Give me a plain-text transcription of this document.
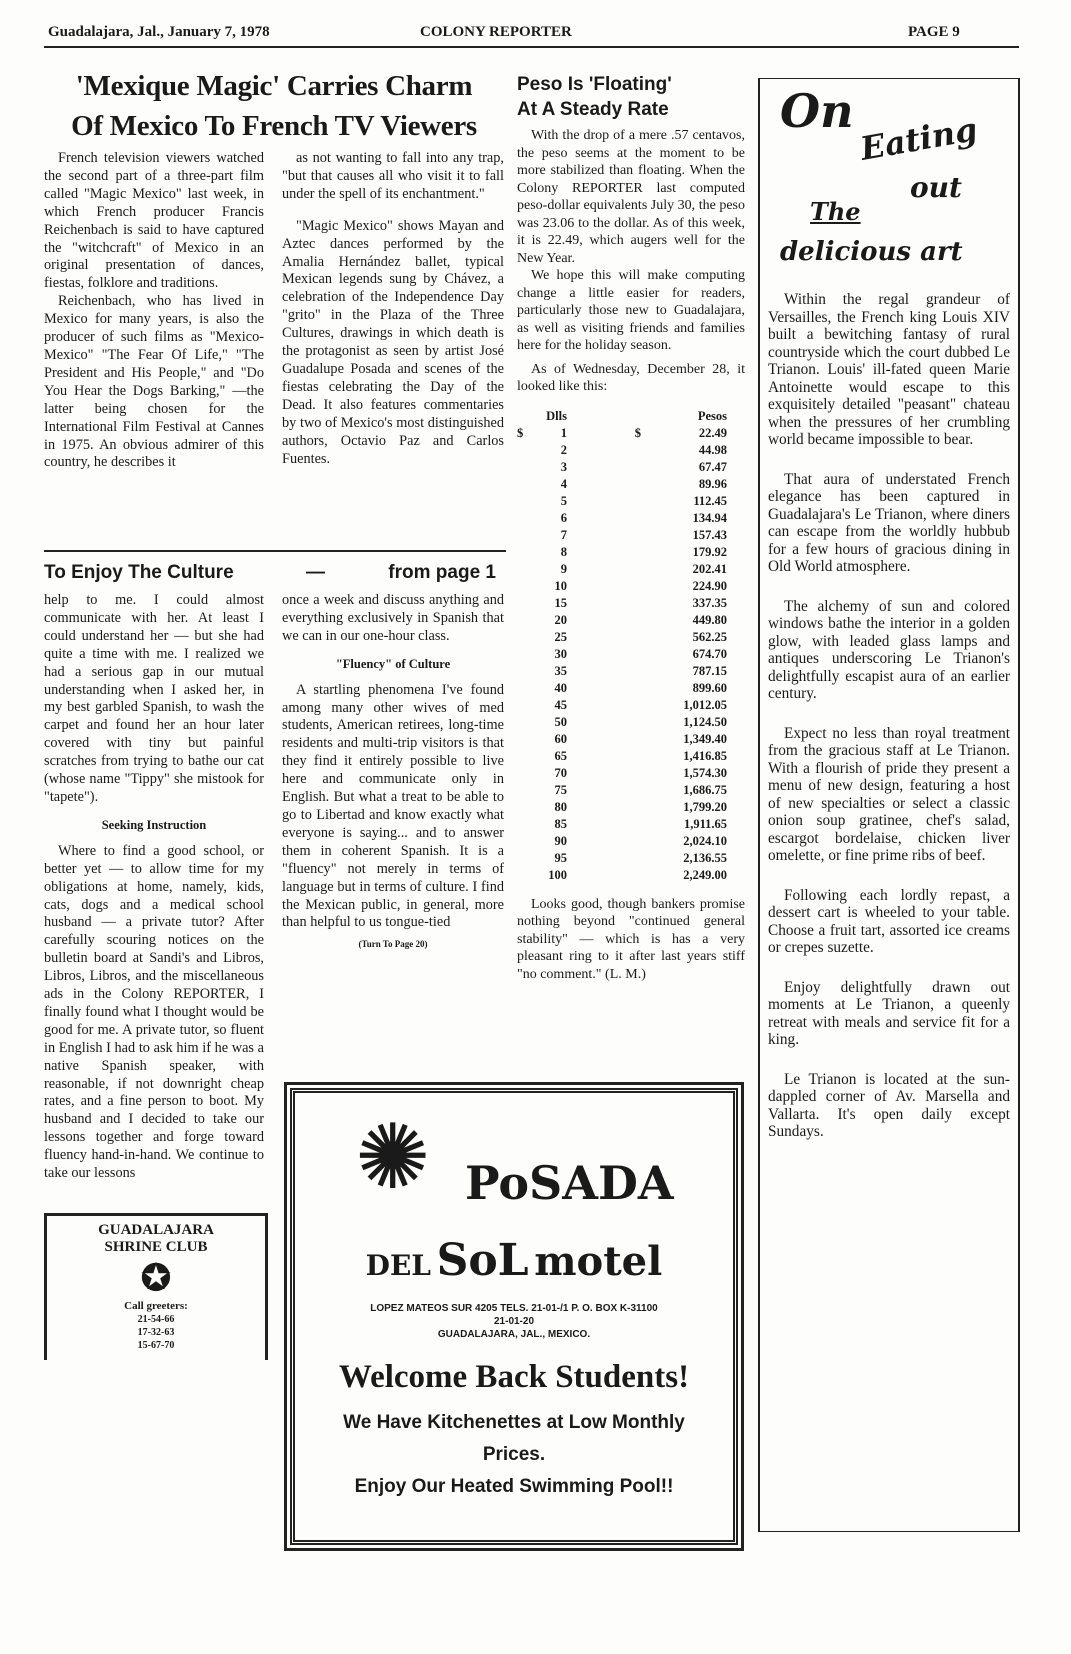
Guadalajara, Jal., January 7, 1978	COLONY REPORTER	PAGE 9
'Mexique Magic' Carries Charm
Of Mexico To French TV Viewers

French television viewers watched the second part of a three-part film called "Magic Mexico" last week, in which French producer Francis Reichenbach is said to have captured the "witchcraft" of Mexico in an original presentation of dances, fiestas, folklore and traditions.

Reichenbach, who has lived in Mexico for many years, is also the producer of such films as "Mexico-Mexico" "The Fear Of Life," "The President and His People," and "Do You Hear the Dogs Barking," —the latter being chosen for the International Film Festival at Cannes in 1975. An obvious admirer of this country, he describes it

as not wanting to fall into any trap, "but that causes all who visit it to fall under the spell of its enchantment."

"Magic Mexico" shows Mayan and Aztec dances performed by the Amalia Hernández ballet, typical Mexican legends sung by Chávez, a celebration of the Independence Day "grito" in the Plaza of the Three Cultures, drawings in which death is the protagonist as seen by artist José Guadalupe Posada and scenes of the fiestas celebrating the Day of the Dead. It also features commentaries by two of Mexico's most distinguished authors, Octavio Paz and Carlos Fuentes.

To Enjoy The Culture	—	from page 1

help to me. I could almost communicate with her. At least I could understand her — but she had quite a time with me. I realized we had a serious gap in our mutual understanding when I asked her, in my best garbled Spanish, to wash the carpet and found her an hour later covered with tiny but painful scratches from trying to bathe our cat (whose name "Tippy" she mistook for "tapete").

Seeking Instruction

Where to find a good school, or better yet — to allow time for my obligations at home, namely, kids, cats, dogs and a medical school husband — a private tutor? After carefully scouring notices on the bulletin board at Sandi's and Libros, Libros, Libros, and the miscellaneous ads in the Colony REPORTER, I finally found what I thought would be good for me. A private tutor, so fluent in English I had to ask him if he was a native Spanish speaker, with reasonable, if not downright cheap rates, and a fine person to boot. My husband and I decided to take our lessons together and forge toward fluency hand-in-hand. We continue to take our lessons

GUADALAJARA
SHRINE CLUB
✪
Call greeters:
21-54-66
17-32-63
15-67-70

once a week and discuss anything and everything exclusively in Spanish that we can in our one-hour class.

"Fluency" of Culture

A startling phenomena I've found among many other wives of med students, American retirees, long-time residents and multi-trip visitors is that they find it entirely possible to live here and communicate only in English. But what a treat to be able to go to Libertad and know exactly what everyone is saying... and to answer them in coherent Spanish. It is a "fluency" not merely in terms of language but in terms of culture. I find the Mexican public, in general, more than helpful to us tongue-tied

(Turn To Page 20)
Peso Is 'Floating'
At A Steady Rate

With the drop of a mere .57 centavos, the peso seems at the moment to be more stabilized than floating. When the Colony REPORTER last computed peso-dollar equivalents July 30, the peso was 23.06 to the dollar. As of this week, it is 22.49, which augers well for the New Year.

We hope this will make computing change a little easier for readers, particularly those new to Guadalajara, as well as visiting friends and families here for the holiday season.

As of Wednesday, December 28, it looked like this:

	Dlls		Pesos
$	1	$	22.49
	2		44.98
	3		67.47
	4		89.96
	5		112.45
	6		134.94
	7		157.43
	8		179.92
	9		202.41
	10		224.90
	15		337.35
	20		449.80
	25		562.25
	30		674.70
	35		787.15
	40		899.60
	45		1,012.05
	50		1,124.50
	60		1,349.40
	65		1,416.85
	70		1,574.30
	75		1,686.75
	80		1,799.20
	85		1,911.65
	90		2,024.10
	95		2,136.55
	100		2,249.00

Looks good, though bankers promise nothing beyond "continued general stability" — which is has a very pleasant ring to it after last years stiff "no comment." (L. M.)

On Eating
out
The
delicious art

Within the regal grandeur of Versailles, the French king Louis XIV built a bewitching fantasy of rural countryside which the court dubbed Le Trianon. Louis' ill-fated queen Marie Antoinette would escape to this exquisitely detailed "peasant" chateau when the pressures of her crumbling world became impossible to bear.

That aura of understated French elegance has been captured in Guadalajara's Le Trianon, where diners can escape from the worldly hubbub for a few hours of gracious dining in Old World atmosphere.

The alchemy of sun and colored windows bathe the interior in a golden glow, with leaded glass lamps and antiques underscoring Le Trianon's delightfully escapist aura of an earlier century.

Expect no less than royal treatment from the gracious staff at Le Trianon. With a flourish of pride they present a menu of new design, featuring a host of new specialties or select a classic onion soup gratinee, chef's salad, escargot bordelaise, chicken liver omelette, or fine prime ribs of beef.

Following each lordly repast, a dessert cart is wheeled to your table. Choose a fruit tart, assorted ice creams or crepes suzette.

Enjoy delightfully drawn out moments at Le Trianon, a queenly retreat with meals and service fit for a king.

Le Trianon is located at the sun-dappled corner of Av. Marsella and Vallarta. It's open daily except Sundays.

✺ PoSADA
DEL SoL motel
LOPEZ MATEOS SUR 4205 TELS. 21-01-/1 P. O. BOX K-31100
21-01-20
GUADALAJARA, JAL., MEXICO.
Welcome Back Students!
We Have Kitchenettes at Low Monthly
Prices.
Enjoy Our Heated Swimming Pool!!
